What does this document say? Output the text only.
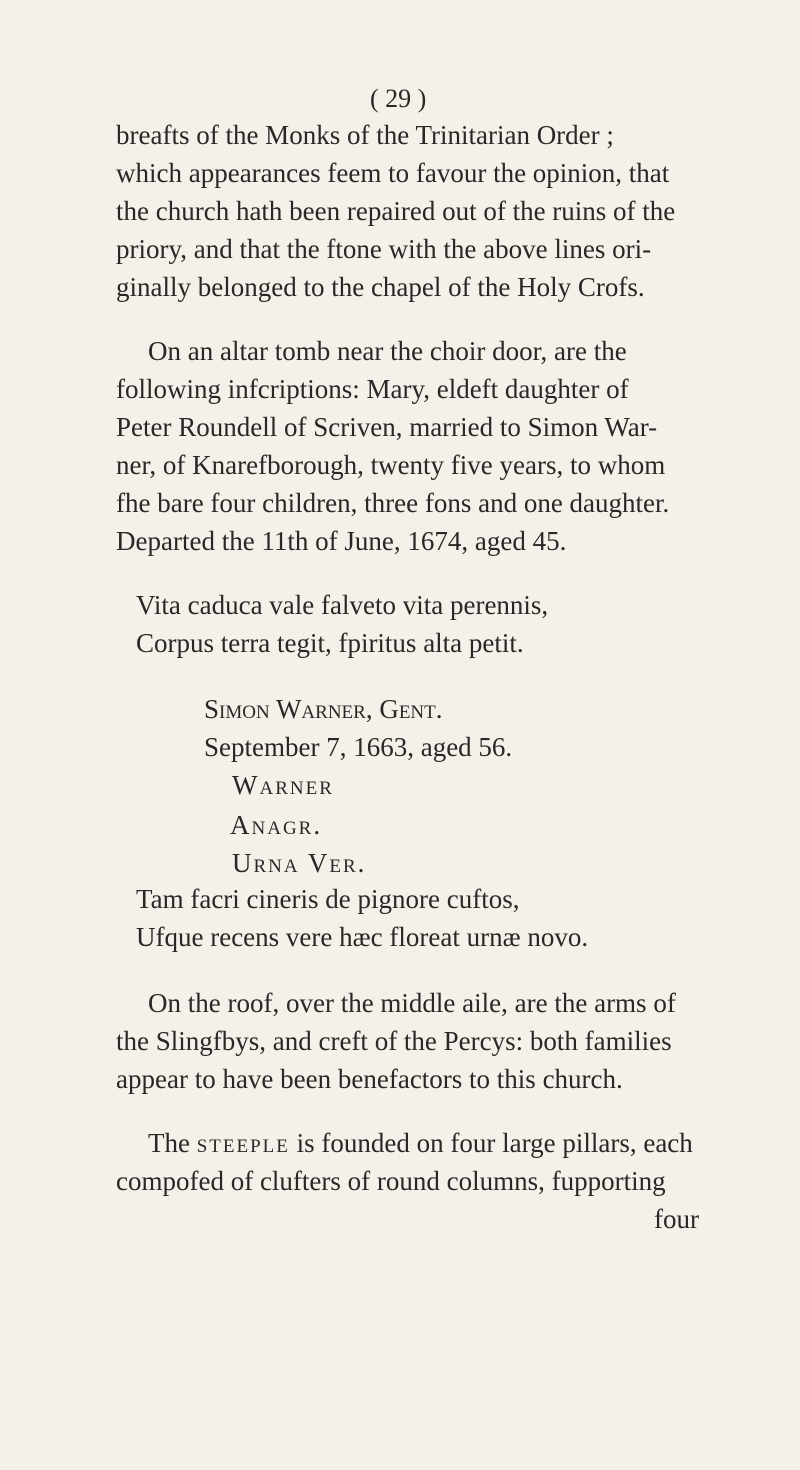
( 29 )
breafts of the Monks of the Trinitarian Order ;
which appearances feem to favour the opinion, that
the church hath been repaired out of the ruins of the
priory, and that the ftone with the above lines ori-
ginally belonged to the chapel of the Holy Crofs.
On an altar tomb near the choir door, are the
following infcriptions: Mary, eldeft daughter of
Peter Roundell of Scriven, married to Simon War-
ner, of Knarefborough, twenty five years, to whom
fhe bare four children, three fons and one daughter.
Departed the 11th of June, 1674, aged 45.
Vita caduca vale falveto vita perennis,
Corpus terra tegit, fpiritus alta petit.
Simon Warner, Gent.
September 7, 1663, aged 56.
Warner
Anagr.
Urna Ver.
Tam facri cineris de pignore cuftos,
Ufque recens vere hæc floreat urnæ novo.
On the roof, over the middle aile, are the arms of
the Slingfbys, and creft of the Percys: both families
appear to have been benefactors to this church.
The steeple is founded on four large pillars, each
compofed of clufters of round columns, fupporting
four
